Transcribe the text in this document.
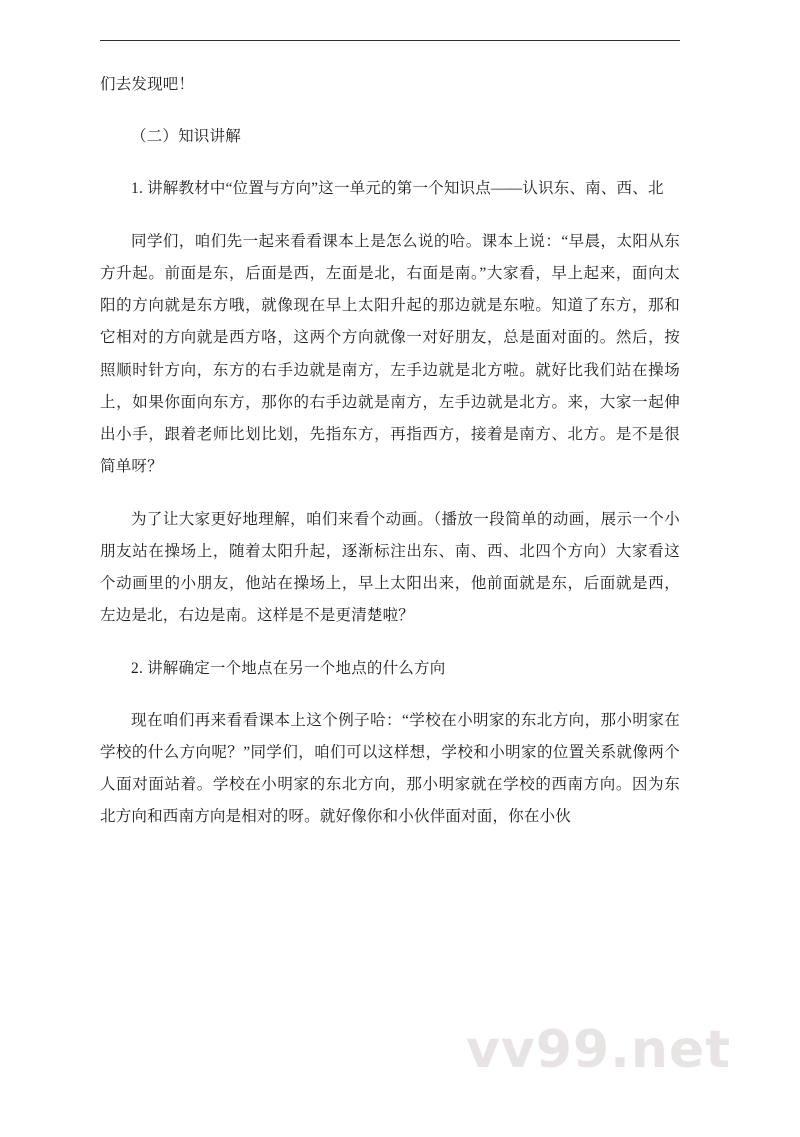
们去发现吧！

（二）知识讲解

1. 讲解教材中“位置与方向”这一单元的第一个知识点——认识东、南、西、北

同学们，咱们先一起来看看课本上是怎么说的哈。课本上说：“早晨，太阳从东方升起。前面是东，后面是西，左面是北，右面是南。”大家看，早上起来，面向太阳的方向就是东方哦，就像现在早上太阳升起的那边就是东啦。知道了东方，那和它相对的方向就是西方咯，这两个方向就像一对好朋友，总是面对面的。然后，按照顺时针方向，东方的右手边就是南方，左手边就是北方啦。就好比我们站在操场上，如果你面向东方，那你的右手边就是南方，左手边就是北方。来，大家一起伸出小手，跟着老师比划比划，先指东方，再指西方，接着是南方、北方。是不是很简单呀？

为了让大家更好地理解，咱们来看个动画。（播放一段简单的动画，展示一个小朋友站在操场上，随着太阳升起，逐渐标注出东、南、西、北四个方向）大家看这个动画里的小朋友，他站在操场上，早上太阳出来，他前面就是东，后面就是西，左边是北，右边是南。这样是不是更清楚啦？

2. 讲解确定一个地点在另一个地点的什么方向

现在咱们再来看看课本上这个例子哈：“学校在小明家的东北方向，那小明家在学校的什么方向呢？”同学们，咱们可以这样想，学校和小明家的位置关系就像两个人面对面站着。学校在小明家的东北方向，那小明家就在学校的西南方向。因为东北方向和西南方向是相对的呀。就好像你和小伙伴面对面，你在小伙

vv99.net
